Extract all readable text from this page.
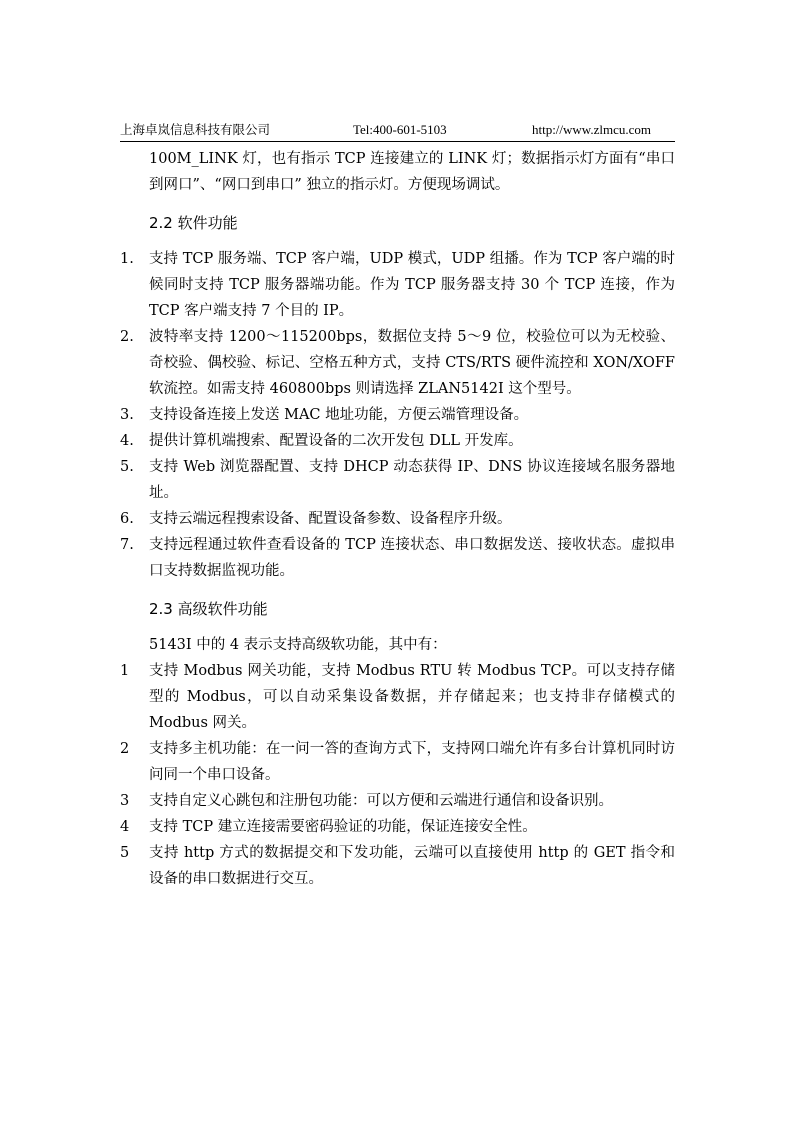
上海卓岚信息科技有限公司	Tel:400-601-5103	http://www.zlmcu.com

100M_LINK 灯，也有指示 TCP 连接建立的 LINK 灯；数据指示灯方面有“串口到网口”、“网口到串口” 独立的指示灯。方便现场调试。

2.2 软件功能
1. 支持 TCP 服务端、TCP 客户端，UDP 模式，UDP 组播。作为 TCP 客户端的时候同时支持 TCP 服务器端功能。作为 TCP 服务器支持 30 个 TCP 连接，作为 TCP 客户端支持 7 个目的 IP。
2. 波特率支持 1200～115200bps，数据位支持 5～9 位，校验位可以为无校验、奇校验、偶校验、标记、空格五种方式，支持 CTS/RTS 硬件流控和 XON/XOFF 软流控。如需支持 460800bps 则请选择 ZLAN5142I 这个型号。
3. 支持设备连接上发送 MAC 地址功能，方便云端管理设备。
4. 提供计算机端搜索、配置设备的二次开发包 DLL 开发库。
5. 支持 Web 浏览器配置、支持 DHCP 动态获得 IP、DNS 协议连接域名服务器地址。
6. 支持云端远程搜索设备、配置设备参数、设备程序升级。
7. 支持远程通过软件查看设备的 TCP 连接状态、串口数据发送、接收状态。虚拟串口支持数据监视功能。
2.3 高级软件功能

5143I 中的 4 表示支持高级软功能，其中有：

1 支持 Modbus 网关功能，支持 Modbus RTU 转 Modbus TCP。可以支持存储型的 Modbus，可以自动采集设备数据，并存储起来；也支持非存储模式的 Modbus 网关。
2 支持多主机功能：在一问一答的查询方式下，支持网口端允许有多台计算机同时访问同一个串口设备。
3 支持自定义心跳包和注册包功能：可以方便和云端进行通信和设备识别。
4 支持 TCP 建立连接需要密码验证的功能，保证连接安全性。
5 支持 http 方式的数据提交和下发功能，云端可以直接使用 http 的 GET 指令和设备的串口数据进行交互。
